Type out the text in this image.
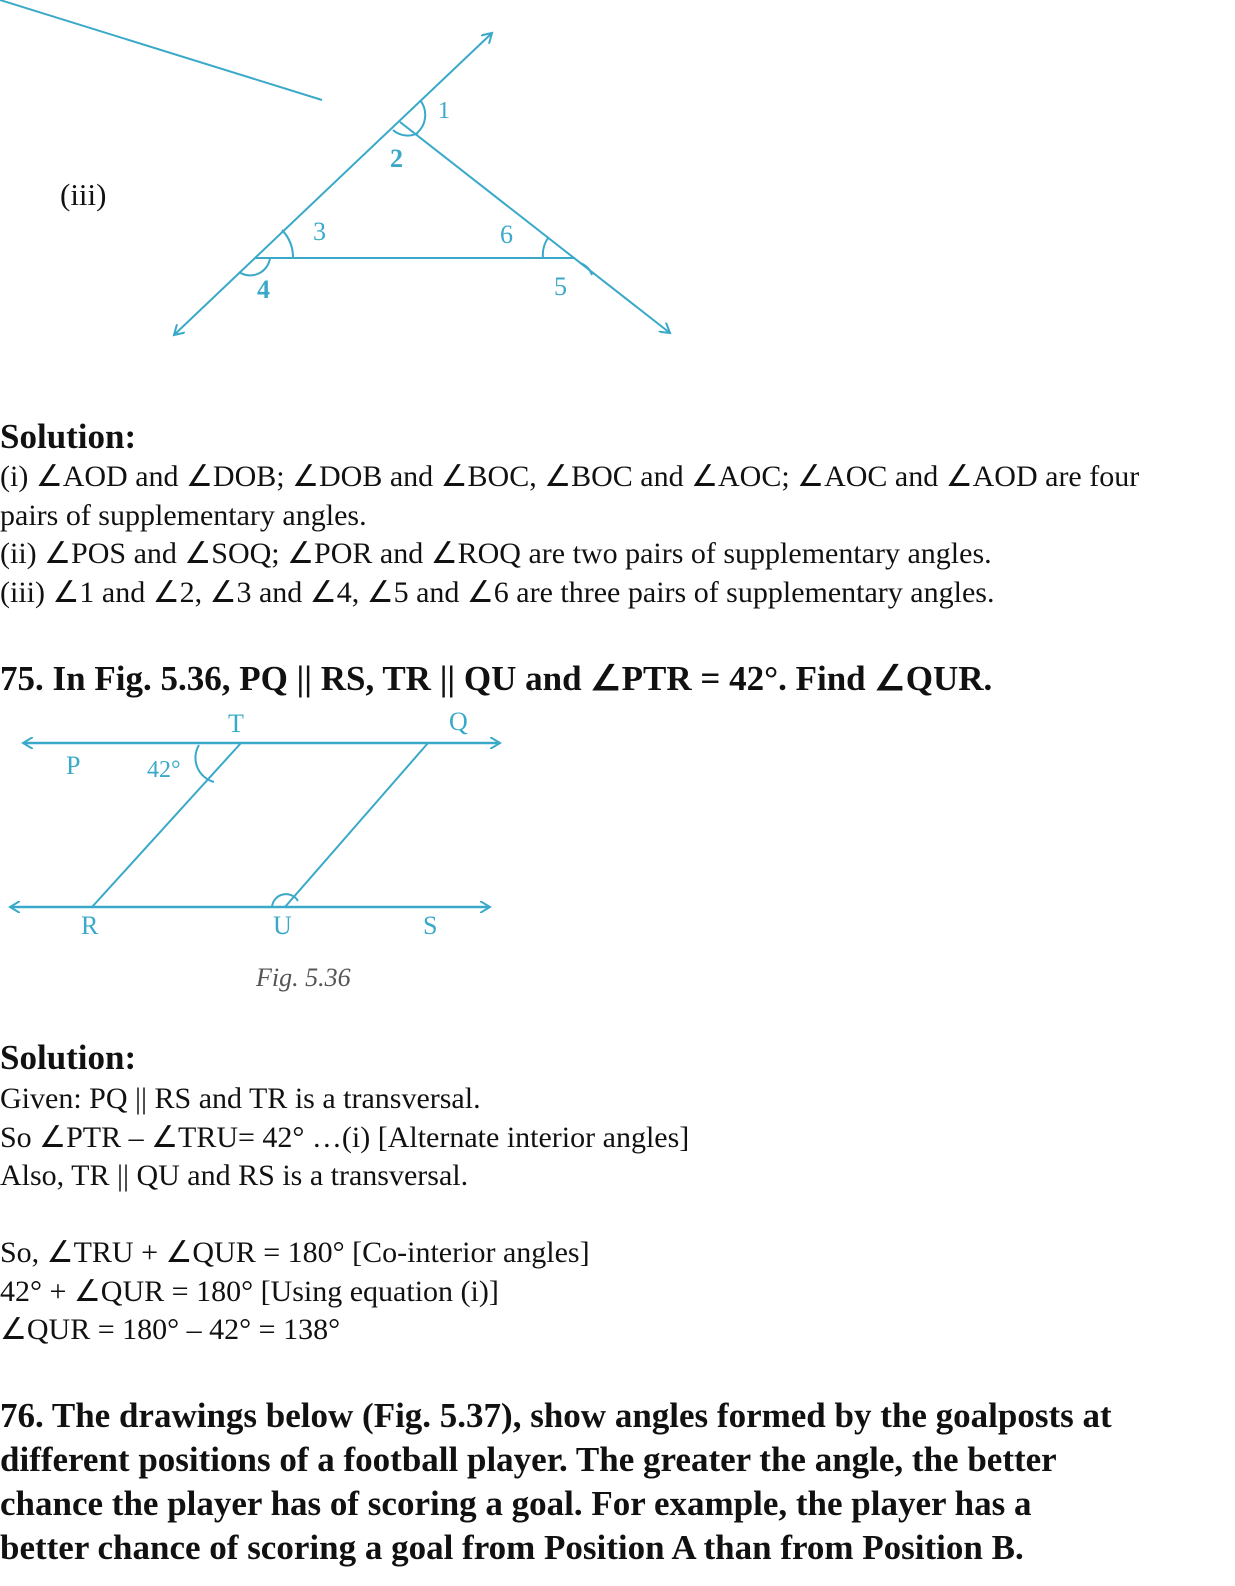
(iii)
1
2
3
4	5
6
Solution:
(i) ∠AOD and ∠DOB; ∠DOB and ∠BOC, ∠BOC and ∠AOC; ∠AOC and ∠AOD are four
pairs of supplementary angles.
(ii) ∠POS and ∠SOQ; ∠POR and ∠ROQ are two pairs of supplementary angles.
(iii) ∠1 and ∠2, ∠3 and ∠4, ∠5 and ∠6 are three pairs of supplementary angles.
75. In Fig. 5.36, PQ || RS, TR || QU and ∠PTR = 42°. Find ∠QUR.
P
T	Q
R	U	S
42°
Fig. 5.36
Solution:
Given: PQ || RS and TR is a transversal.
So ∠PTR – ∠TRU= 42° …(i) [Alternate interior angles]
Also, TR || QU and RS is a transversal.
So, ∠TRU + ∠QUR = 180° [Co-interior angles]
42° + ∠QUR = 180° [Using equation (i)]
∠QUR = 180° – 42° = 138°
76. The drawings below (Fig. 5.37), show angles formed by the goalposts at
different positions of a football player. The greater the angle, the better
chance the player has of scoring a goal. For example, the player has a
better chance of scoring a goal from Position A than from Position B.
